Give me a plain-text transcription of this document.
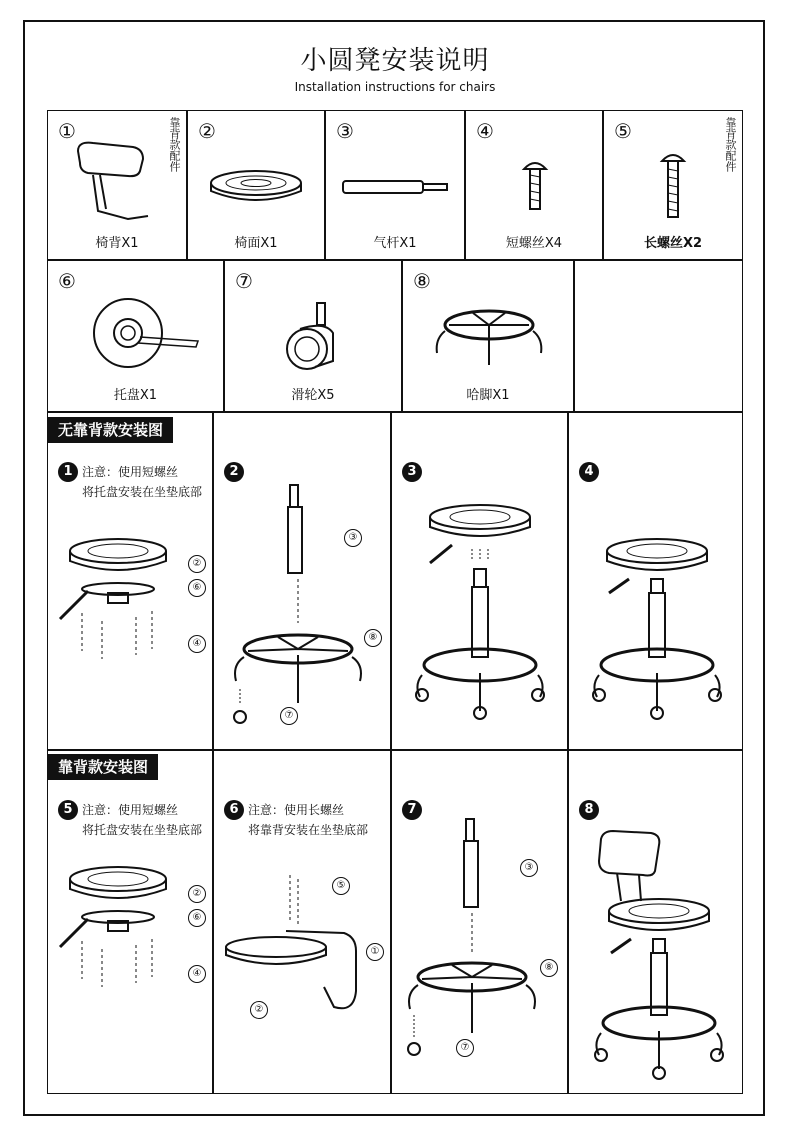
小圆凳安装说明
Installation instructions for chairs
①	靠背款配件
椅背X1
②
椅面X1
③
气杆X1
④
短螺丝X4
⑤	靠背款配件
长螺丝X2
⑥
托盘X1
⑦
滑轮X5
⑧
哈脚X1
1 注意：使用短螺丝
将托盘安装在坐垫底部
②
⑥
④
无靠背款安装图
2
③
⑧
⑦
3	4
5 注意：使用短螺丝
将托盘安装在坐垫底部
②
⑥
④
靠背款安装图
6 注意：使用长螺丝
将靠背安装在坐垫底部
⑤
①
②
7
③
⑧
⑦
8
